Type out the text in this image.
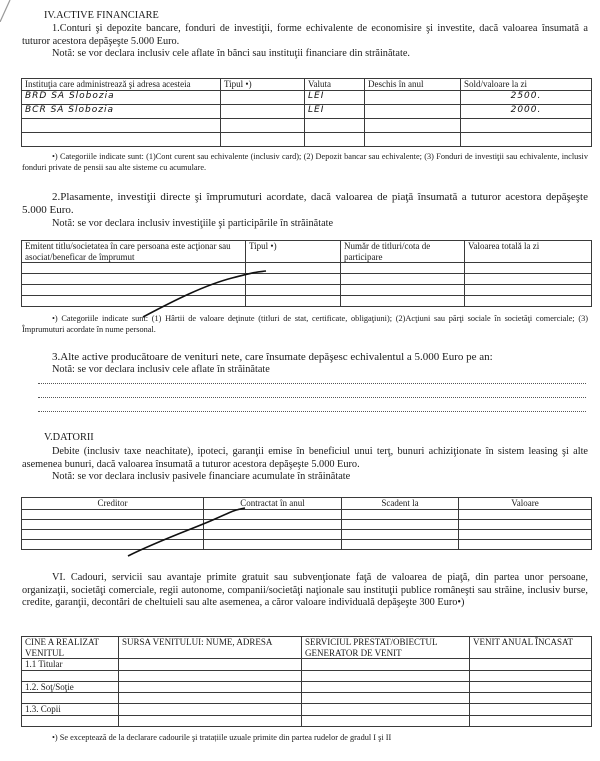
IV.ACTIVE FINANCIARE
1.Conturi şi depozite bancare, fonduri de investiţii, forme echivalente de economisire şi investite, dacă valoarea însumată a tuturor acestora depăşeşte 5.000 Euro.
Notă: se vor declara inclusiv cele aflate în bănci sau instituţii financiare din străinătate.
Instituţia care administrează şi adresa acesteia	Tipul •)	Valuta	Deschis în anul	Sold/valoare la zi
BRD SA Slobozia		LEI		2500.
BCR SA Slobozia		LEI		2000.

•) Categoriile indicate sunt: (1)Cont curent sau echivalente (inclusiv card); (2) Depozit bancar sau echivalente; (3) Fonduri de investiţii sau echivalente, inclusiv fonduri private de pensii sau alte sisteme cu acumulare.
2.Plasamente, investiţii directe şi împrumuturi acordate, dacă valoarea de piaţă însumată a tuturor acestora depăşeşte 5.000 Euro.
Notă: se vor declara inclusiv investiţiile şi participările în străinătate
Emitent titlu/societatea în care persoana este acţionar sau asociat/beneficar de împrumut	Tipul •)	Număr de titluri/cota de participare	Valoarea totală la zi

•) Categoriile indicate sunt: (1) Hârtii de valoare deţinute (titluri de stat, certificate, obligaţiuni); (2)Acţiuni sau părţi sociale în societăţi comerciale; (3) Împrumuturi acordate în nume personal.
3.Alte active producătoare de venituri nete, care însumate depăşesc echivalentul a 5.000 Euro pe an:
Notă: se vor declara inclusiv cele aflate în străinătate
V.DATORII
Debite (inclusiv taxe neachitate), ipoteci, garanţii emise în beneficiul unui terţ, bunuri achiziţionate în sistem leasing şi alte asemenea bunuri, dacă valoarea însumată a tuturor acestora depăşeşte 5.000 Euro.
Notă: se vor declara inclusiv pasivele financiare acumulate în străinătate
Creditor	Contractat în anul	Scadent la	Valoare

VI. Cadouri, servicii sau avantaje primite gratuit sau subvenţionate faţă de valoarea de piaţă, din partea unor persoane, organizaţii, societăţi comerciale, regii autonome, companii/societăţi naţionale sau instituţii publice româneşti sau străine, inclusiv burse, credite, garanţii, decontări de cheltuieli sau alte asemenea, a căror valoare individuală depăşeşte 300 Euro•)
CINE A REALIZAT VENITUL	SURSA VENITULUI: NUME, ADRESA	SERVICIUL PRESTAT/OBIECTUL GENERATOR DE VENIT	VENIT ANUAL ÎNCASAT
1.1 Titular			

1.2. Soţ/Soţie			

1.3. Copii			

•) Se exceptează de la declarare cadourile şi tratațiile uzuale primite din partea rudelor de gradul I şi II
